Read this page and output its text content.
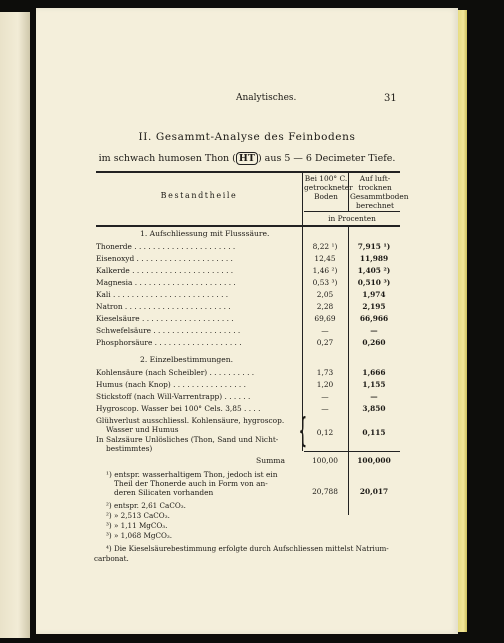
Analytisches.	31
II. Gesammt-Analyse des Feinbodens
im schwach humosen Thon ( HT ) aus 5 — 6 Decimeter Tiefe.
Bestandtheile
Bei 100° C. getrockneter Boden
Auf luft-trocknen Gesammtboden berechnet
in Procenten
1. Aufschliessung mit Flusssäure.
Thonerde . . . . . . . . . . . . . . . . . . . . . .	8,22 ¹)	7,915 ¹)
Eisenoxyd . . . . . . . . . . . . . . . . . . . . .	12,45	11,989
Kalkerde . . . . . . . . . . . . . . . . . . . . . .	1,46 ²)	1,405 ²)
Magnesia . . . . . . . . . . . . . . . . . . . . . .	0,53 ³)	0,510 ³)
Kali . . . . . . . . . . . . . . . . . . . . . . . . .	2,05	1,974
Natron . . . . . . . . . . . . . . . . . . . . . . .	2,28	2,195
Kieselsäure . . . . . . . . . . . . . . . . . . . .	69,69	66,966
Schwefelsäure . . . . . . . . . . . . . . . . . . .	—	—
Phosphorsäure . . . . . . . . . . . . . . . . . . .	0,27	0,260
2. Einzelbestimmungen.
Kohlensäure (nach Scheibler) . . . . . . . . . .	1,73	1,666
Humus (nach Knop) . . . . . . . . . . . . . . . .	1,20	1,155
Stickstoff (nach Will-Varrentrapp) . . . . . .	—	—
Hygroscop. Wasser bei 100° Cels. 3,85 . . . .	—	3,850
Glühverlust ausschliessl. Kohlensäure, hygroscop.
Wasser und Humus
In Salzsäure Unlösliches (Thon, Sand und Nicht-
bestimmtes)	{	0,12	0,115
Summa	100,00	100,000
¹) entspr. wasserhaltigem Thon, jedoch ist ein
Theil der Thonerde auch in Form von an-
deren Silicaten vorhanden	20,788	20,017
²) entspr. 2,61 CaCO₃.
²) » 2,513 CaCO₃.
³) » 1,11 MgCO₃.
³) » 1,068 MgCO₃.
⁴) Die Kieselsäurebestimmung erfolgte durch Aufschliessen mittelst Natrium-
carbonat.
